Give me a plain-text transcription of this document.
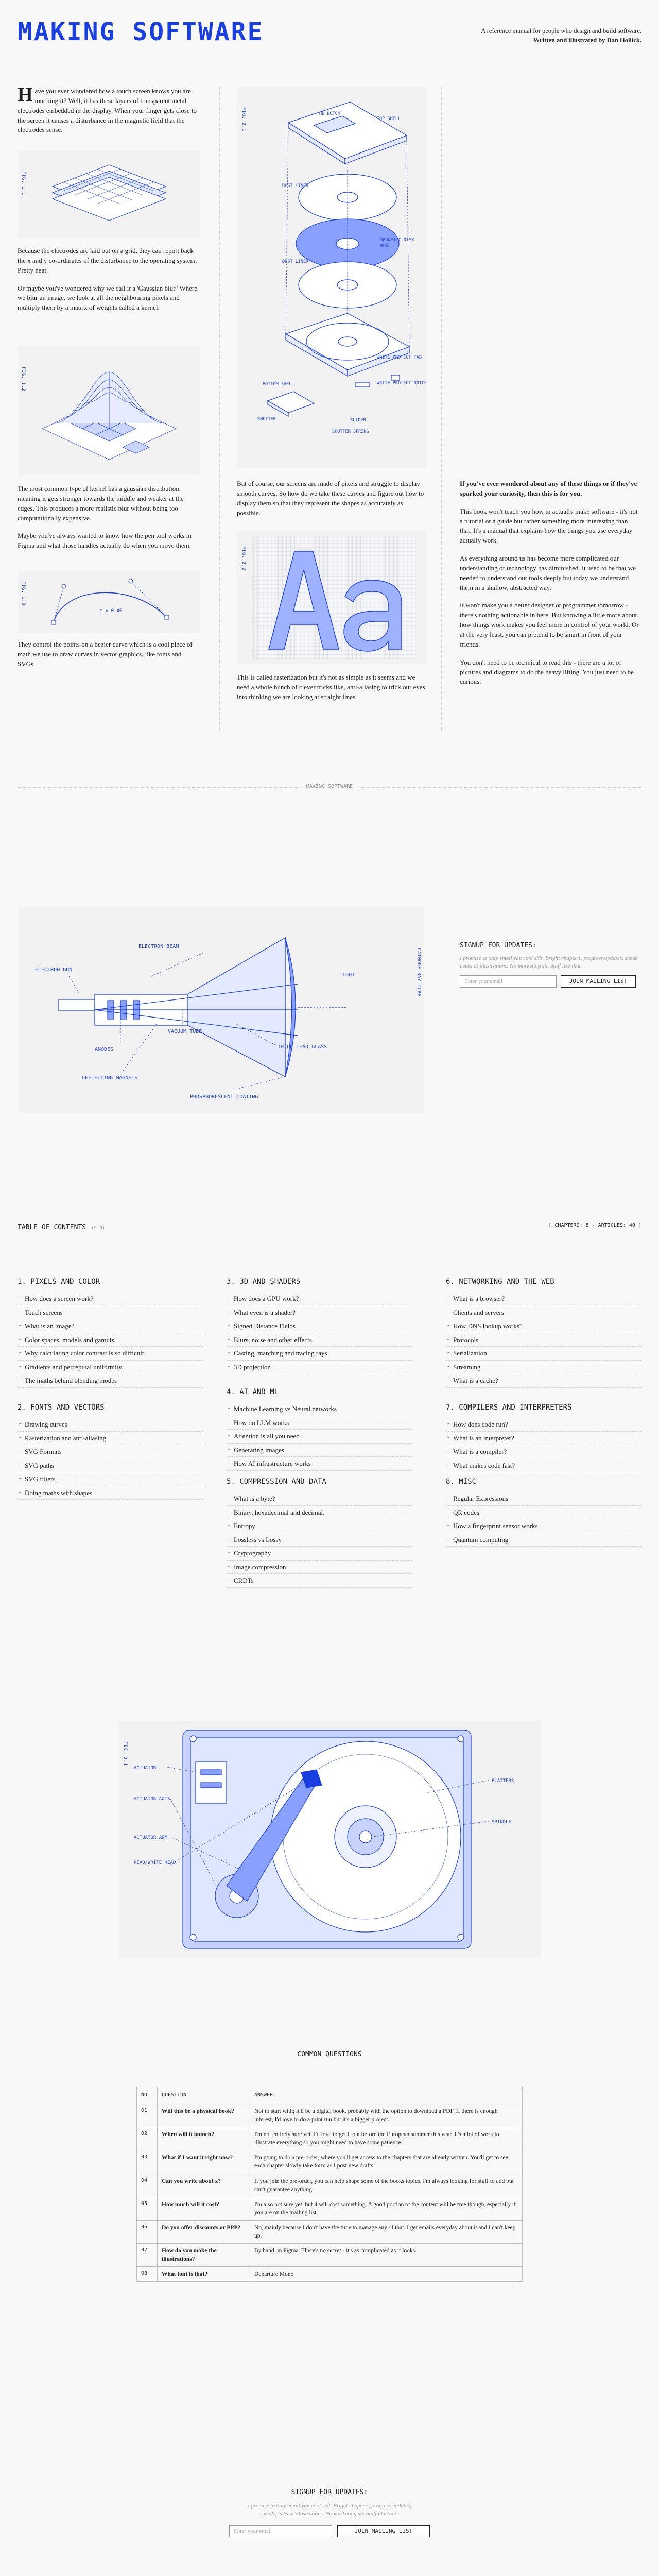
MAKING SOFTWARE	A reference manual for people who design and build software.
Written and illustrated by Dan Hollick.

Have you ever wondered how a touch screen knows you are touching it? Well, it has these layers of transparent metal electrodes embedded in the display. When your finger gets close to the screen it causes a disturbance in the magnetic field that the electrodes sense.

FIG. 1.1

Because the electrodes are laid out on a grid, they can report back the x and y co-ordinates of the disturbance to the operating system. Pretty neat.

Or maybe you've wondered why we call it a 'Gaussian blur.' Where we blur an image, we look at all the neighbouring pixels and multiply them by a matrix of weights called a kernel.

FIG. 1.2

The most common type of kernel has a gaussian distribution, meaning it gets stronger towards the middle and weaker at the edges. This produces a more realistic blur without being too computationally expensive.

Maybe you've always wanted to know how the pen tool works in Figma and what those handles actually do when you move them.

FIG. 1.3
t = 0.40

They control the points on a bezier curve which is a cool piece of math we use to draw curves in vector graphics, like fonts and SVGs.

FIG. 2.1	HD NOTCH
TOP SHELL
DUST LINER
MAGNETIC DISK
HUB
DUST LINER
WRITE PROTECT TAB
WRITE PROTECT NOTCH
BOTTOM SHELL
SHUTTER
SHUTTER SPRING
SLIDER

But of course, our screens are made of pixels and struggle to display smooth curves. So how do we take these curves and figure out how to display them so that they represent the shapes as accurately as possible.

FIG. 2.2

This is called rasterization but it's not as simple as it seems and we need a whole bunch of clever tricks like, anti-aliasing to trick our eyes into thinking we are looking at straight lines.

If you've ever wondered about any of these things or if they've sparked your curiosity, then this is for you.

This book won't teach you how to actually make software - it's not a tutorial or a guide but rather something more interesting than that. It's a manual that explains how the things you use everyday actually work.

As everything around us has become more complicated our understanding of technology has diminished. It used to be that we needed to understand our tools deeply but today we understand them in a shallow, abstracted way.

It won't make you a better designer or programmer tomorrow - there's nothing actionable in here. But knowing a little more about how things work makes you feel more in control of your world. Or at the very least, you can pretend to be smart in front of your friends.

You don't need to be technical to read this - there are a lot of pictures and diagrams to do the heavy lifting. You just need to be curious.

MAKING SOFTWARE
CATHODE RAY TUBE
ELECTRON BEAM
ELECTRON GUN
LIGHT
VACUUM TUBE
ANODES	THICK LEAD GLASS
DEFLECTING MAGNETS
PHOSPHORESCENT COATING
SIGNUP FOR UPDATES:
I promise to only email you cool shit. Bright chapters, progress updates, sneak peeks at illustrations. No marketing sir. Stuff like that.
Enter your email	JOIN MAILING LIST
TABLE OF CONTENTS (9.0)	[ CHAPTERS: 8 · ARTICLES: 40 ]
1. PIXELS AND COLOR
How does a screen work?
Touch screens
What is an image?
Color spaces, models and gamuts.
Why calculating color contrast is so difficult.
Gradients and perceptual uniformity.
The maths behind blending modes
3. 3D AND SHADERS
How does a GPU work?
What even is a shader?
Signed Distance Fields
Blurs, noise and other effects.
Casting, marching and tracing rays
3D projection
6. NETWORKING AND THE WEB
What is a browser?
Clients and servers
How DNS lookup works?
Protocols
Serialization
Streaming
What is a cache?
2. FONTS AND VECTORS
Drawing curves
Rasterization and anti-aliasing
SVG Formats
SVG paths
SVG filters
Doing maths with shapes
4. AI AND ML
Machine Learning vs Neural networks
How do LLM works
Attention is all you need
Generating images
How AI infrastructure works
7. COMPILERS AND INTERPRETERS
How does code run?
What is an interpreter?
What is a compiler?
What makes code fast?
5. COMPRESSION AND DATA
What is a byte?
Binary, hexadecimal and decimal.
Entropy
Lossless vs Lossy
Cryptography
Image compression
CRDTs
8. MISC
Regular Expressions
QR codes
How a fingerprint sensor works
Quantum computing
FIG. 3.1
ACTUATOR
ACTUATOR AXIS
ACTUATOR ARM
READ/WRITE HEAD
PLATTERS
SPINDLE
COMMON QUESTIONS
NO	QUESTION	ANSWER
01	Will this be a physical book?	Not to start with; it'll be a digital book, probably with the option to download a PDF. If there is enough interest, I'd love to do a print run but it's a bigger project.
02	When will it launch?	I'm not entirely sure yet. I'd love to get it out before the European summer this year. It's a lot of work to illustrate everything so you might need to have some patience.
03	What if I want it right now?	I'm going to do a pre-order, where you'll get access to the chapters that are already written. You'll get to see each chapter slowly take form as I post new drafts.
04	Can you write about x?	If you join the pre-order, you can help shape some of the books topics. I'm always looking for stuff to add but can't guarantee anything.
05	How much will it cost?	I'm also not sure yet, but it will cost something. A good portion of the content will be free though, especially if you are on the mailing list.
06	Do you offer discounts or PPP?	No, mainly because I don't have the time to manage any of that. I get emails everyday about it and I can't keep up.
07	How do you make the illustrations?	By hand, in Figma. There's no secret - it's as complicated as it looks.
08	What font is that?	Departure Mono
SIGNUP FOR UPDATES:
I promise to only email you cool shit. Bright chapters, progress updates, sneak peeks at illustrations. No marketing sir. Stuff like that.
Enter your email	JOIN MAILING LIST
